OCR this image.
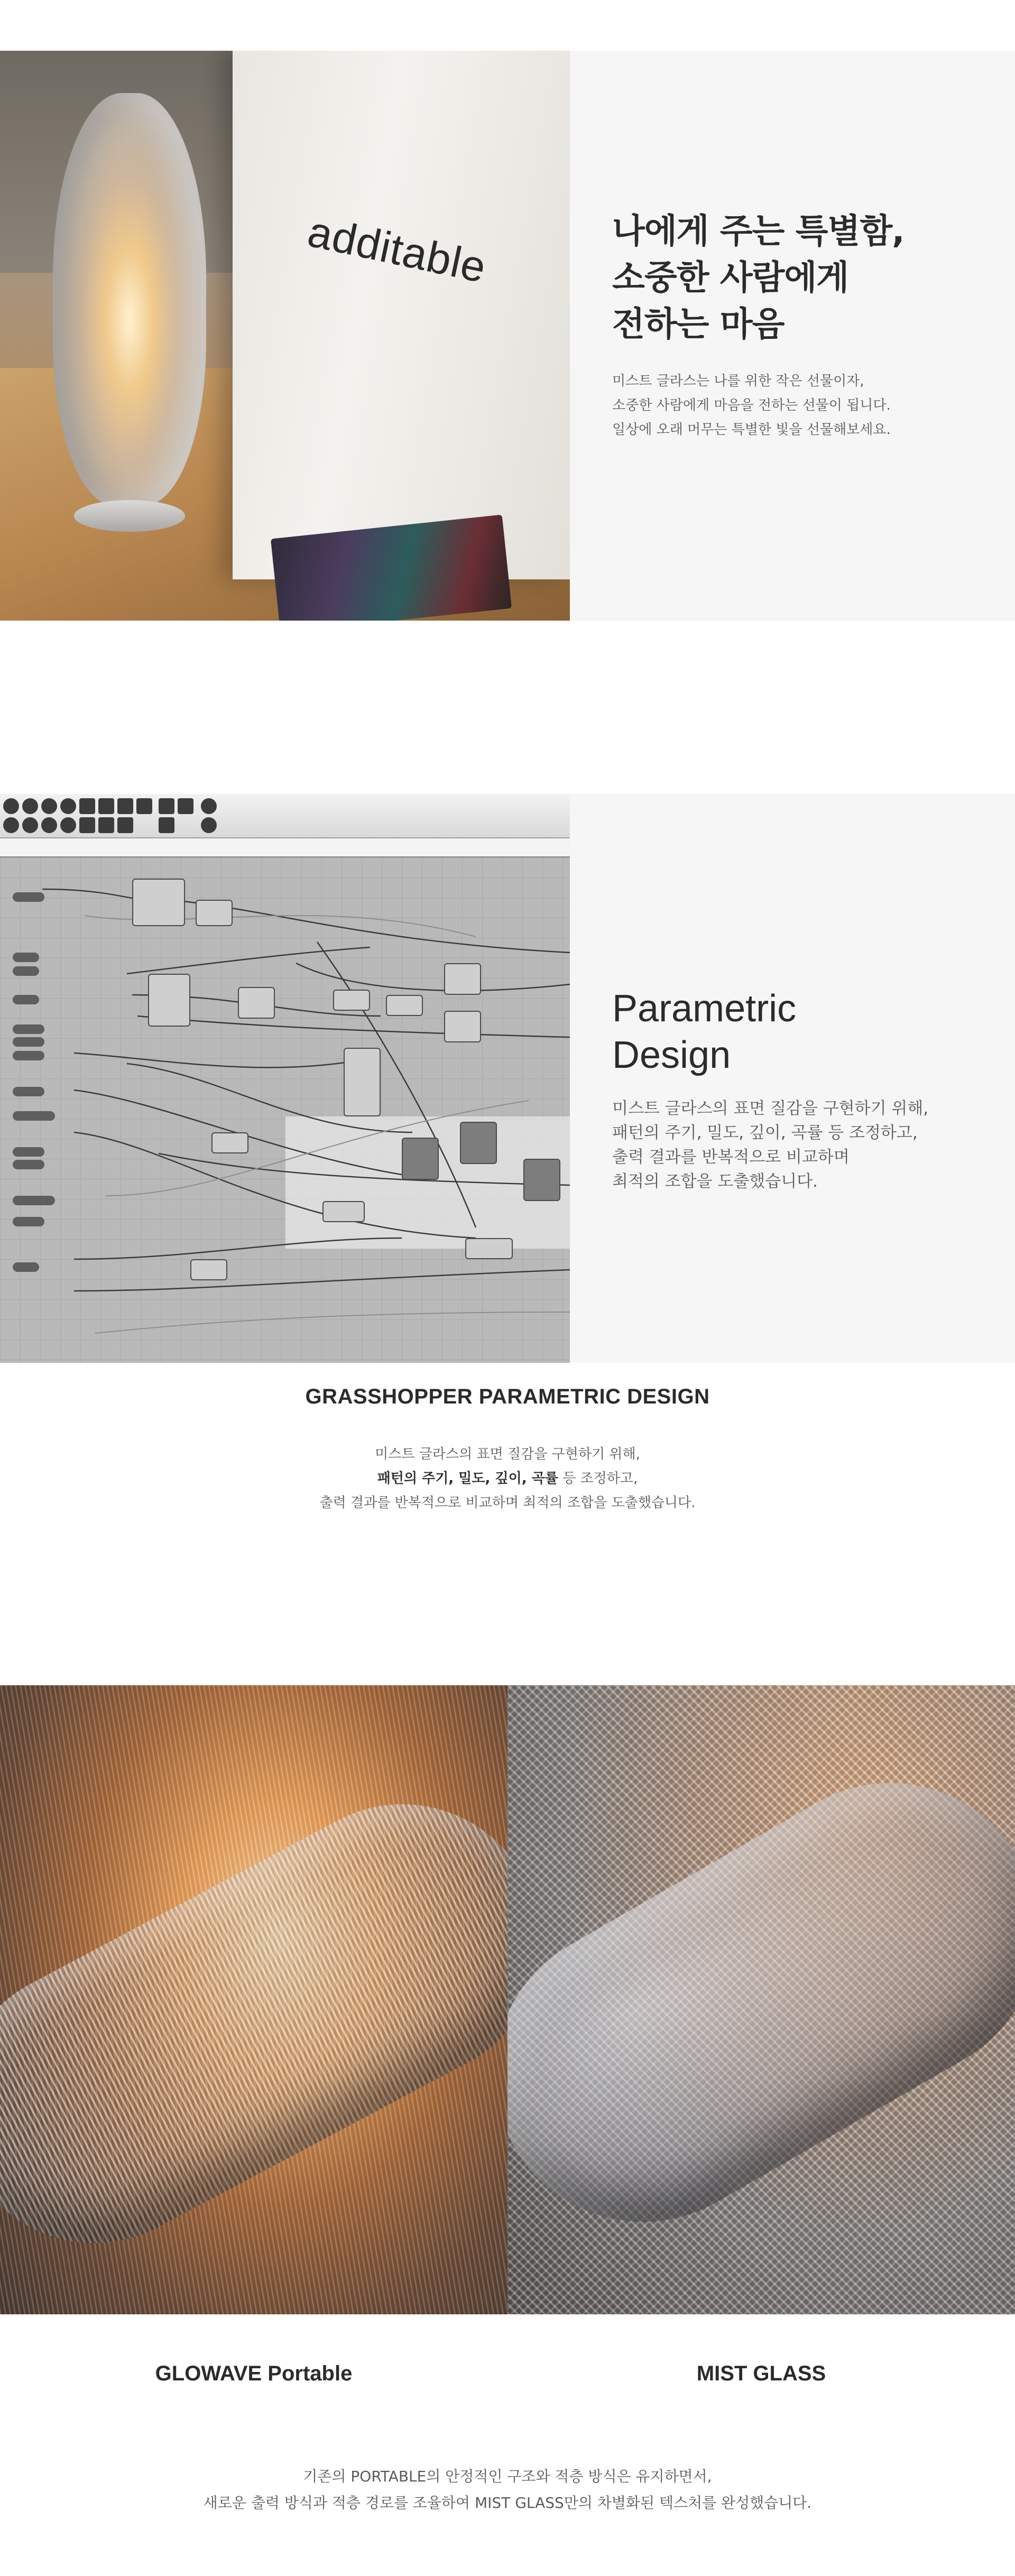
additable	나에게 주는 특별함,
소중한 사람에게
전하는 마음

미스트 글라스는 나를 위한 작은 선물이자,
소중한 사람에게 마음을 전하는 선물이 됩니다.
일상에 오래 머무는 특별한 빛을 선물해보세요.

Parametric
Design

미스트 글라스의 표면 질감을 구현하기 위해,
패턴의 주기, 밀도, 깊이, 곡률 등 조정하고,
출력 결과를 반복적으로 비교하며
최적의 조합을 도출했습니다.

GRASSHOPPER PARAMETRIC DESIGN
미스트 글라스의 표면 질감을 구현하기 위해,
패턴의 주기, 밀도, 깊이, 곡률 등 조정하고,
출력 결과를 반복적으로 비교하며 최적의 조합을 도출했습니다.
GLOWAVE Portable	MIST GLASS

기존의 PORTABLE의 안정적인 구조와 적층 방식은 유지하면서,
새로운 출력 방식과 적층 경로를 조율하여 MIST GLASS만의 차별화된 텍스처를 완성했습니다.
